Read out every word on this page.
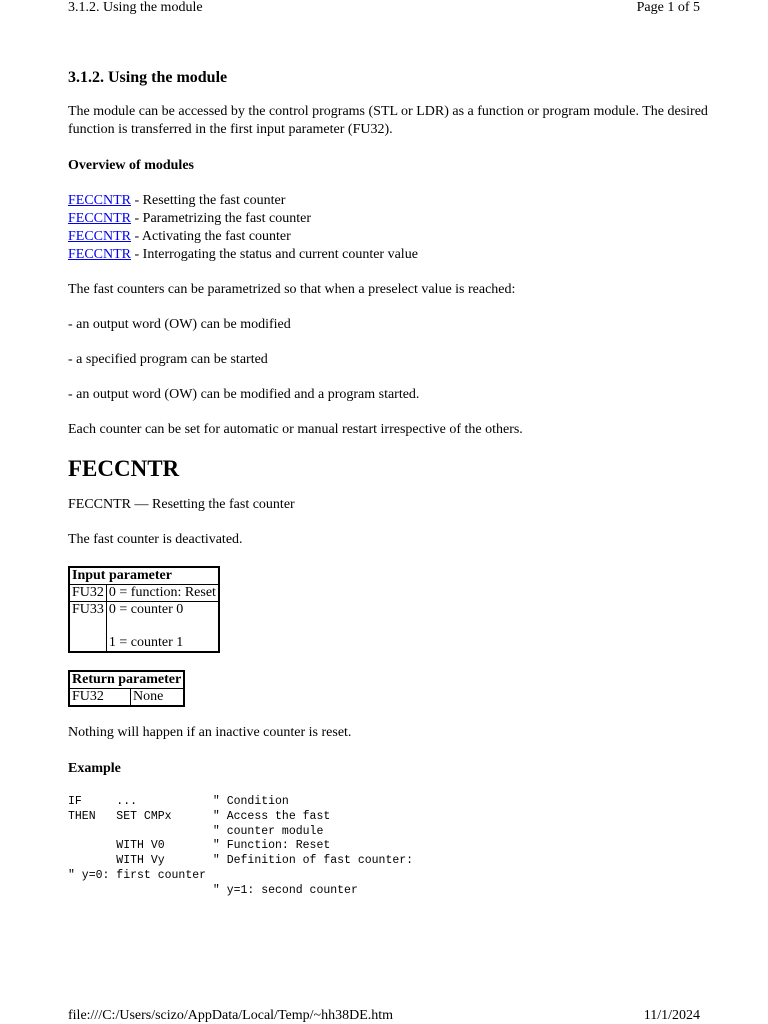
3.1.2. Using the module	Page 1 of 5
3.1.2. Using the module

The module can be accessed by the control programs (STL or LDR) as a function or program module. The desired function is transferred in the first input parameter (FU32).

Overview of modules

FECCNTR - Resetting the fast counter

FECCNTR - Parametrizing the fast counter

FECCNTR - Activating the fast counter

FECCNTR - Interrogating the status and current counter value

The fast counters can be parametrized so that when a preselect value is reached:

- an output word (OW) can be modified

- a specified program can be started

- an output word (OW) can be modified and a program started.

Each counter can be set for automatic or manual restart irrespective of the others.

FECCNTR

FECCNTR — Resetting the fast counter

The fast counter is deactivated.

Input parameter	
FU32	0 = function: Reset
FU33	0 = counter 0
1 = counter 1
Return parameter
FU32	None

Nothing will happen if an inactive counter is reset.

Example

IF     ...           " Condition
THEN   SET CMPx      " Access the fast
" counter module
WITH V0       " Function: Reset
WITH Vy       " Definition of fast counter:
" y=0: first counter
" y=1: second counter
file:///C:/Users/scizo/AppData/Local/Temp/~hh38DE.htm	11/1/2024
